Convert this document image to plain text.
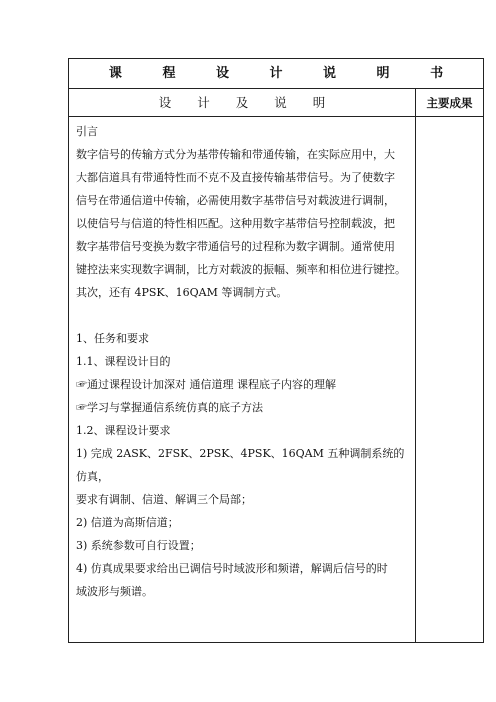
课 程 设 计 说 明 书
设 计 及 说 明	主要成果

引言

数字信号的传输方式分为基带传输和带通传输，在实际应用中，大

大都信道具有带通特性而不克不及直接传输基带信号。为了使数字

信号在带通信道中传输，必需使用数字基带信号对载波进行调制，

以使信号与信道的特性相匹配。这种用数字基带信号控制载波，把

数字基带信号变换为数字带通信号的过程称为数字调制。通常使用

键控法来实现数字调制，比方对载波的振幅、频率和相位进行键控。

其次，还有 4PSK、16QAM 等调制方式。

1、任务和要求

1.1、课程设计目的

☞通过课程设计加深对 通信道理 课程底子内容的理解

☞学习与掌握通信系统仿真的底子方法

1.2、课程设计要求

1) 完成 2ASK、2FSK、2PSK、4PSK、16QAM 五种调制系统的仿真，

要求有调制、信道、解调三个局部；

2) 信道为高斯信道；

3) 系统参数可自行设置；

4) 仿真成果要求给出已调信号时域波形和频谱，解调后信号的时

域波形与频谱。
